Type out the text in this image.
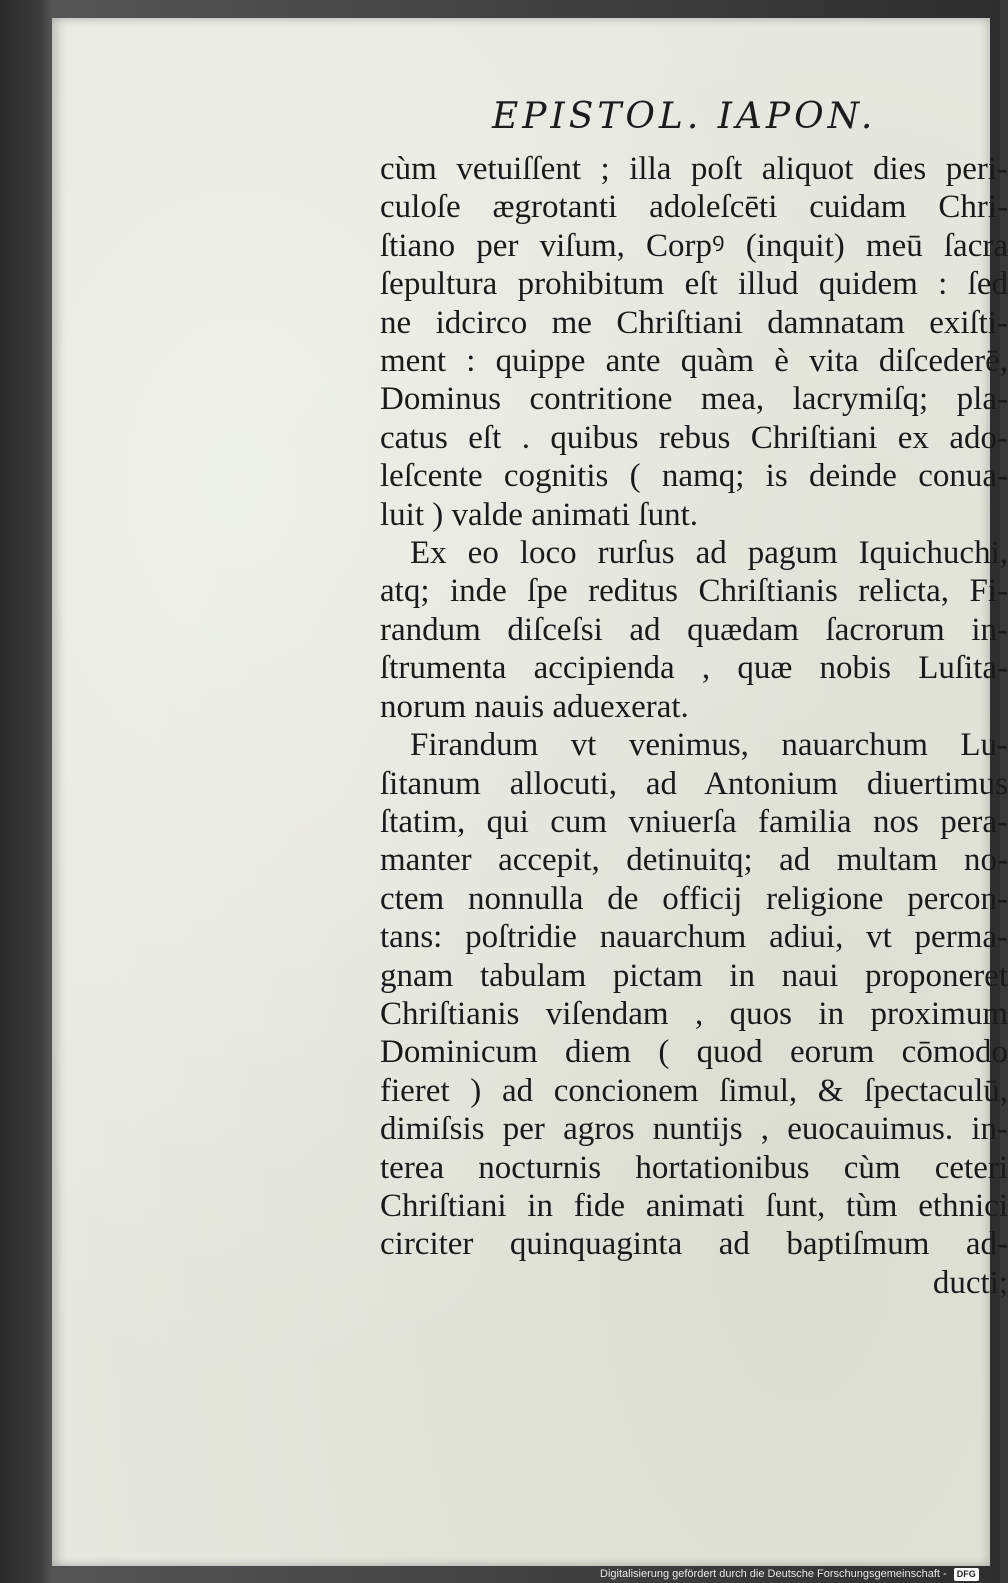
EPISTOL. IAPON.
cùm vetuiſſent ; illa poſt aliquot dies peri-
culoſe ægrotanti adoleſcēti cuidam Chri-
ſtiano per viſum, Corpꝰ (inquit) meū ſacra
ſepultura prohibitum eſt illud quidem : ſed
ne idcirco me Chriſtiani damnatam exiſti-
ment : quippe ante quàm è vita diſcederē,
Dominus contritione mea, lacrymiſq; pla-
catus eſt . quibus rebus Chriſtiani ex ado-
leſcente cognitis ( namq; is deinde conua-
luit ) valde animati ſunt.
Ex eo loco rurſus ad pagum Iquichuchi,
atq; inde ſpe reditus Chriſtianis relicta, Fi-
randum diſceſsi ad quædam ſacrorum in-
ſtrumenta accipienda , quæ nobis Luſita-
norum nauis aduexerat.
Firandum vt venimus, nauarchum Lu-
ſitanum allocuti, ad Antonium diuertimus
ſtatim, qui cum vniuerſa familia nos pera-
manter accepit, detinuitq; ad multam no-
ctem nonnulla de officij religione percon-
tans: poſtridie nauarchum adiui, vt perma-
gnam tabulam pictam in naui proponeret
Chriſtianis viſendam , quos in proximum
Dominicum diem ( quod eorum cōmodo
fieret ) ad concionem ſimul, & ſpectaculū,
dimiſsis per agros nuntijs , euocauimus. in-
terea nocturnis hortationibus cùm ceteri
Chriſtiani in fide animati ſunt, tùm ethnici
circiter quinquaginta ad baptiſmum ad-
ducti;

Digitalisierung gefördert durch die Deutsche Forschungsgemeinschaft - DFG
